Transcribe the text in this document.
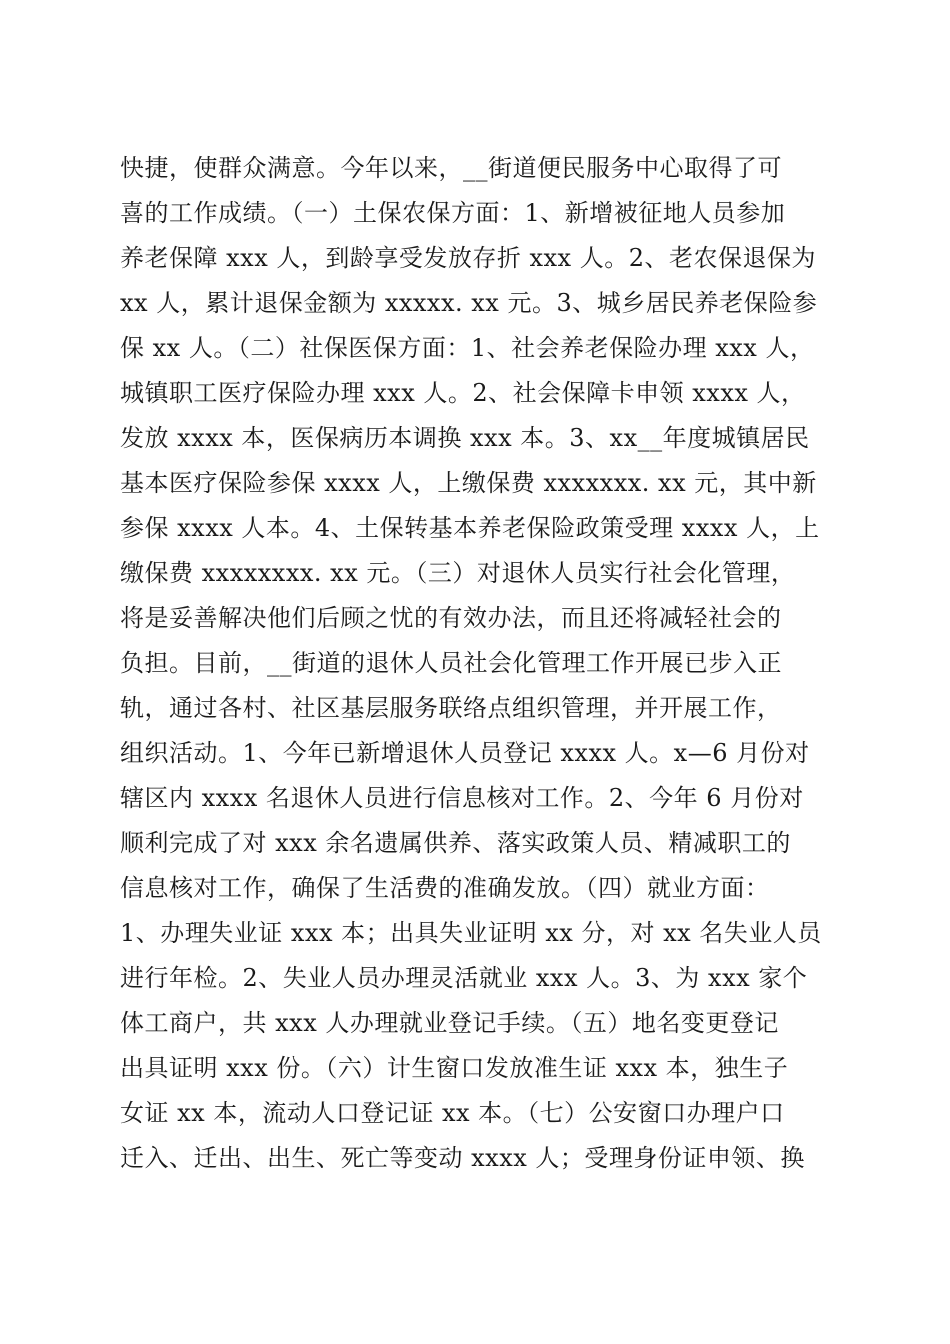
快捷，使群众满意。今年以来，__街道便民服务中心取得了可
喜的工作成绩。（一）土保农保方面：1、新增被征地人员参加
养老保障 xxx 人，到龄享受发放存折 xxx 人。2、老农保退保为
xx 人，累计退保金额为 xxxxx. xx 元。3、城乡居民养老保险参
保 xx 人。（二）社保医保方面：1、社会养老保险办理 xxx 人，
城镇职工医疗保险办理 xxx 人。2、社会保障卡申领 xxxx 人，
发放 xxxx 本，医保病历本调换 xxx 本。3、xx__年度城镇居民
基本医疗保险参保 xxxx 人，上缴保费 xxxxxxx. xx 元，其中新
参保 xxxx 人本。4、土保转基本养老保险政策受理 xxxx 人，上
缴保费 xxxxxxxx. xx 元。（三）对退休人员实行社会化管理，
将是妥善解决他们后顾之忧的有效办法，而且还将减轻社会的
负担。目前，__街道的退休人员社会化管理工作开展已步入正
轨，通过各村、社区基层服务联络点组织管理，并开展工作，
组织活动。1、今年已新增退休人员登记 xxxx 人。x—6 月份对
辖区内 xxxx 名退休人员进行信息核对工作。2、今年 6 月份对
顺利完成了对 xxx 余名遗属供养、落实政策人员、精减职工的
信息核对工作，确保了生活费的准确发放。（四）就业方面：
1、办理失业证 xxx 本；出具失业证明 xx 分，对 xx 名失业人员
进行年检。2、失业人员办理灵活就业 xxx 人。3、为 xxx 家个
体工商户，共 xxx 人办理就业登记手续。（五）地名变更登记
出具证明 xxx 份。（六）计生窗口发放准生证 xxx 本，独生子
女证 xx 本，流动人口登记证 xx 本。（七）公安窗口办理户口
迁入、迁出、出生、死亡等变动 xxxx 人；受理身份证申领、换
